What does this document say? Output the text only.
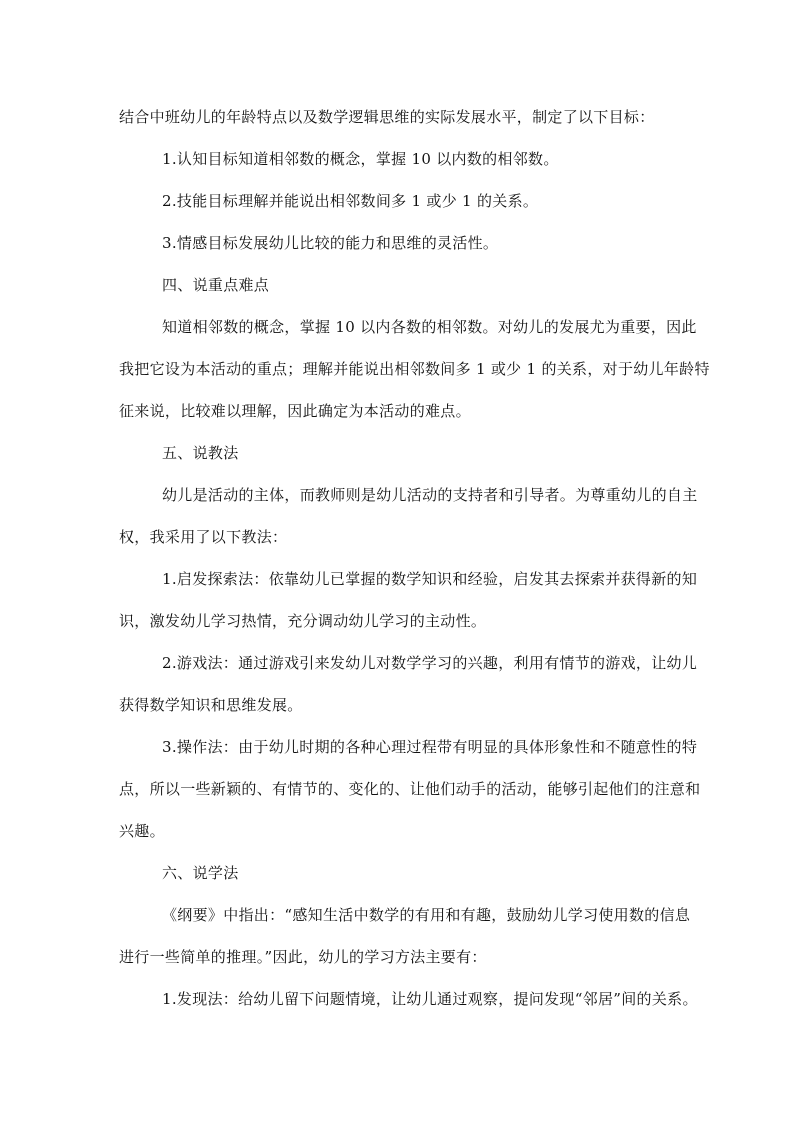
结合中班幼儿的年龄特点以及数学逻辑思维的实际发展水平，制定了以下目标：

1.认知目标知道相邻数的概念，掌握 10 以内数的相邻数。

2.技能目标理解并能说出相邻数间多 1 或少 1 的关系。

3.情感目标发展幼儿比较的能力和思维的灵活性。

四、说重点难点

知道相邻数的概念，掌握 10 以内各数的相邻数。对幼儿的发展尤为重要，因此

我把它设为本活动的重点；理解并能说出相邻数间多 1 或少 1 的关系，对于幼儿年龄特

征来说，比较难以理解，因此确定为本活动的难点。

五、说教法

幼儿是活动的主体，而教师则是幼儿活动的支持者和引导者。为尊重幼儿的自主

权，我采用了以下教法：

1.启发探索法：依靠幼儿已掌握的数学知识和经验，启发其去探索并获得新的知

识，激发幼儿学习热情，充分调动幼儿学习的主动性。

2.游戏法：通过游戏引来发幼儿对数学学习的兴趣，利用有情节的游戏，让幼儿

获得数学知识和思维发展。

3.操作法：由于幼儿时期的各种心理过程带有明显的具体形象性和不随意性的特

点，所以一些新颖的、有情节的、变化的、让他们动手的活动，能够引起他们的注意和

兴趣。

六、说学法

《纲要》中指出：“感知生活中数学的有用和有趣，鼓励幼儿学习使用数的信息

进行一些简单的推理。”因此，幼儿的学习方法主要有：

1.发现法：给幼儿留下问题情境，让幼儿通过观察，提问发现“邻居”间的关系。
